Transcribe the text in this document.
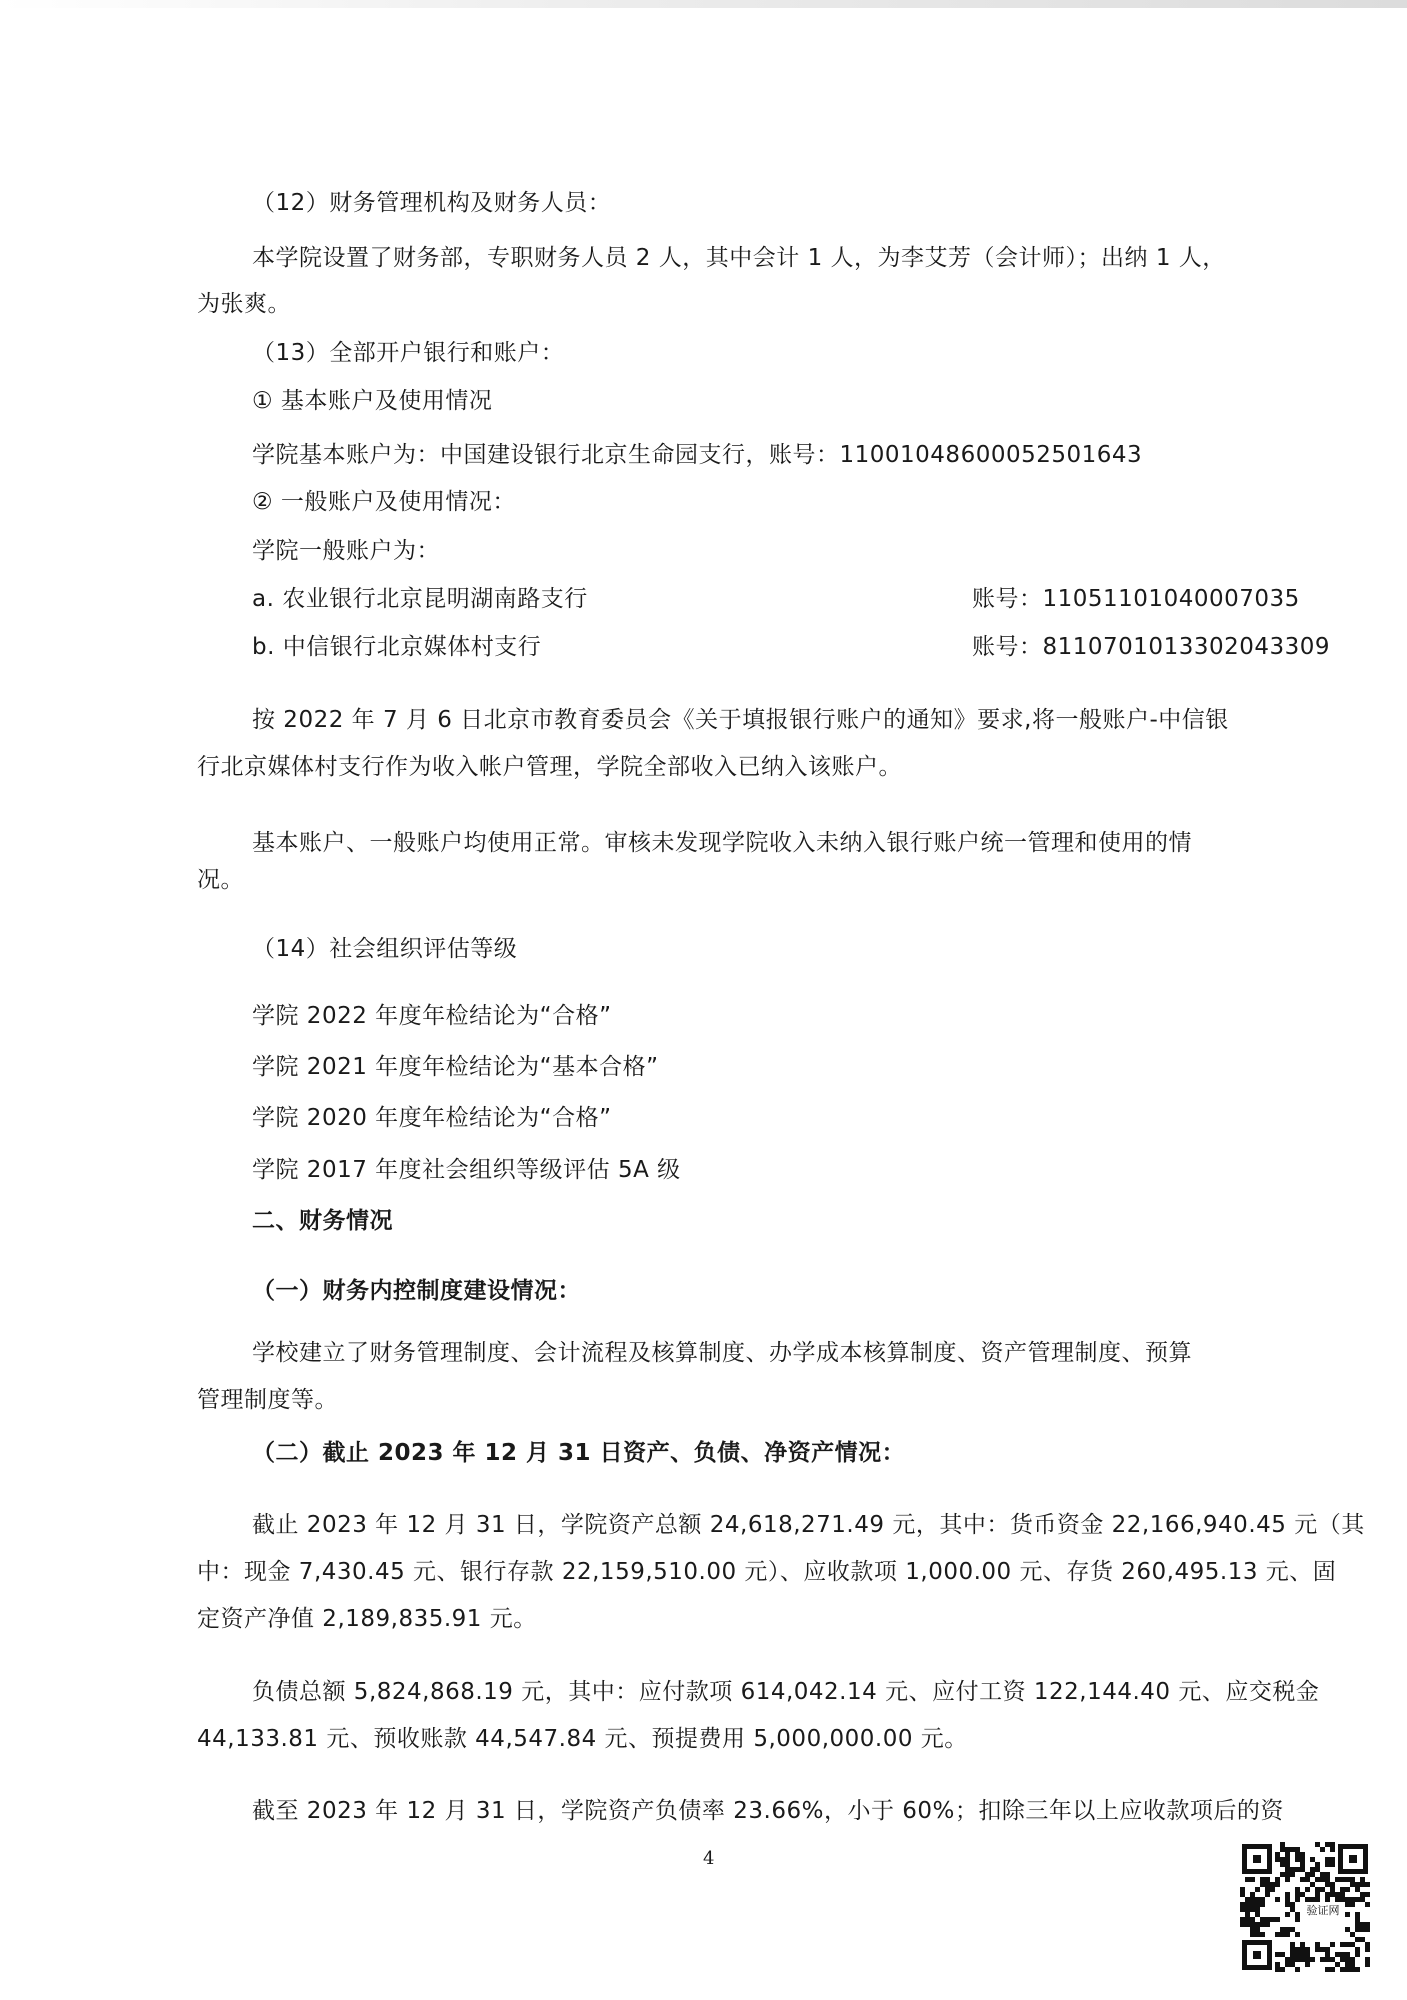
（12）财务管理机构及财务人员：
本学院设置了财务部，专职财务人员 2 人，其中会计 1 人，为李艾芳（会计师）；出纳 1 人，
为张爽。
（13）全部开户银行和账户：
① 基本账户及使用情况
学院基本账户为：中国建设银行北京生命园支行，账号：11001048600052501643
② 一般账户及使用情况：
学院一般账户为：
a. 农业银行北京昆明湖南路支行	账号：11051101040007035
b. 中信银行北京媒体村支行	账号：8110701013302043309
按 2022 年 7 月 6 日北京市教育委员会《关于填报银行账户的通知》要求,将一般账户-中信银
行北京媒体村支行作为收入帐户管理，学院全部收入已纳入该账户。
基本账户、一般账户均使用正常。审核未发现学院收入未纳入银行账户统一管理和使用的情
况。
（14）社会组织评估等级
学院 2022 年度年检结论为“合格”
学院 2021 年度年检结论为“基本合格”
学院 2020 年度年检结论为“合格”
学院 2017 年度社会组织等级评估 5A 级
二、财务情况
（一）财务内控制度建设情况：
学校建立了财务管理制度、会计流程及核算制度、办学成本核算制度、资产管理制度、预算
管理制度等。
（二）截止 2023 年 12 月 31 日资产、负债、净资产情况：
截止 2023 年 12 月 31 日，学院资产总额 24,618,271.49 元，其中：货币资金 22,166,940.45 元（其
中：现金 7,430.45 元、银行存款 22,159,510.00 元）、应收款项 1,000.00 元、存货 260,495.13 元、固
定资产净值 2,189,835.91 元。
负债总额 5,824,868.19 元，其中：应付款项 614,042.14 元、应付工资 122,144.40 元、应交税金
44,133.81 元、预收账款 44,547.84 元、预提费用 5,000,000.00 元。
截至 2023 年 12 月 31 日，学院资产负债率 23.66%，小于 60%；扣除三年以上应收款项后的资
4
验证网
